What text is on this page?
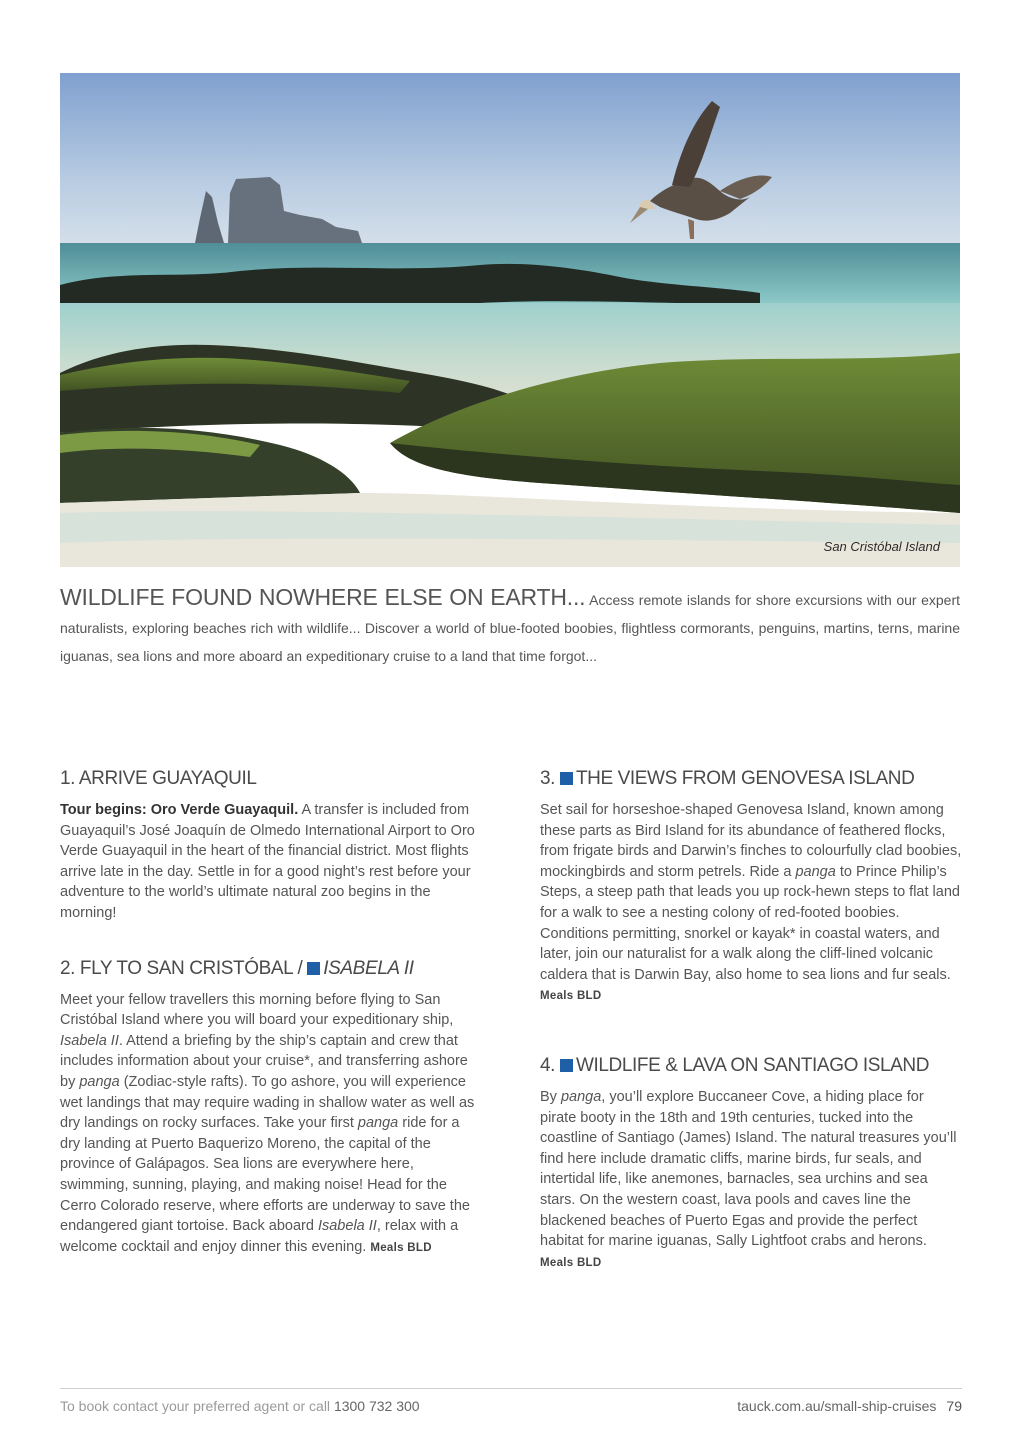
San Cristóbal Island
WILDLIFE FOUND NOWHERE ELSE ON EARTH... Access remote islands for shore excursions with our expert naturalists, exploring beaches rich with wildlife... Discover a world of blue-footed boobies, flightless cormorants, penguins, martins, terns, marine iguanas, sea lions and more aboard an expeditionary cruise to a land that time forgot...
1. ARRIVE GUAYAQUIL

Tour begins: Oro Verde Guayaquil. A transfer is included from Guayaquil’s José Joaquín de Olmedo International Airport to Oro Verde Guayaquil in the heart of the financial district. Most flights arrive late in the day. Settle in for a good night’s rest before your adventure to the world’s ultimate natural zoo begins in the morning!

2. FLY TO SAN CRISTÓBAL / ISABELA II

Meet your fellow travellers this morning before flying to San Cristóbal Island where you will board your expeditionary ship, Isabela II. Attend a briefing by the ship’s captain and crew that includes information about your cruise*, and transferring ashore by panga (Zodiac-style rafts). To go ashore, you will experience wet landings that may require wading in shallow water as well as dry landings on rocky surfaces. Take your first panga ride for a dry landing at Puerto Baquerizo Moreno, the capital of the province of Galápagos. Sea lions are everywhere here, swimming, sunning, playing, and making noise! Head for the Cerro Colorado reserve, where efforts are underway to save the endangered giant tortoise. Back aboard Isabela II, relax with a welcome cocktail and enjoy dinner this evening. Meals BLD

3. THE VIEWS FROM GENOVESA ISLAND

Set sail for horseshoe-shaped Genovesa Island, known among these parts as Bird Island for its abundance of feathered flocks, from frigate birds and Darwin’s finches to colourfully clad boobies, mockingbirds and storm petrels. Ride a panga to Prince Philip’s Steps, a steep path that leads you up rock-hewn steps to flat land for a walk to see a nesting colony of red-footed boobies. Conditions permitting, snorkel or kayak* in coastal waters, and later, join our naturalist for a walk along the cliff-lined volcanic caldera that is Darwin Bay, also home to sea lions and fur seals. Meals BLD

4. WILDLIFE & LAVA ON SANTIAGO ISLAND

By panga, you’ll explore Buccaneer Cove, a hiding place for pirate booty in the 18th and 19th centuries, tucked into the coastline of Santiago (James) Island. The natural treasures you’ll find here include dramatic cliffs, marine birds, fur seals, and intertidal life, like anemones, barnacles, sea urchins and sea stars. On the western coast, lava pools and caves line the blackened beaches of Puerto Egas and provide the perfect habitat for marine iguanas, Sally Lightfoot crabs and herons. Meals BLD

To book contact your preferred agent or call 1300 732 300	tauck.com.au/small-ship-cruises 79
